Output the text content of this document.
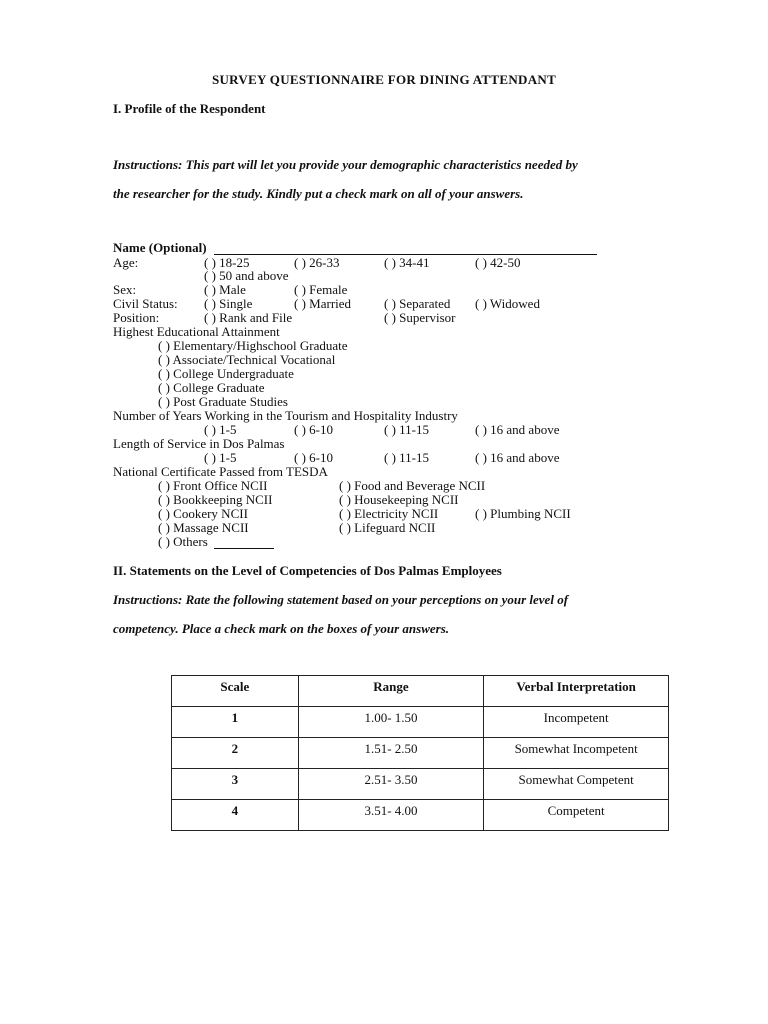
SURVEY QUESTIONNAIRE FOR DINING ATTENDANT
I. Profile of the Respondent
Instructions: This part will let you provide your demographic characteristics needed by
the researcher for the study. Kindly put a check mark on all of your answers.
Name (Optional)
Age:	( ) 18-25	( ) 26-33	( ) 34-41	( ) 42-50
( ) 50 and above
Sex:	( ) Male	( ) Female
Civil Status: ( ) Single	( ) Married	( ) Separated ( ) Widowed
Position:	( ) Rank and File	( ) Supervisor
Highest Educational Attainment
( ) Elementary/Highschool Graduate
( ) Associate/Technical Vocational
( ) College Undergraduate
( ) College Graduate
( ) Post Graduate Studies
Number of Years Working in the Tourism and Hospitality Industry
( ) 1-5	( ) 6-10	( ) 11-15	( ) 16 and above
Length of Service in Dos Palmas
( ) 1-5	( ) 6-10	( ) 11-15	( ) 16 and above
National Certificate Passed from TESDA
( ) Front Office NCII	( ) Food and Beverage NCII
( ) Bookkeeping NCII	( ) Housekeeping NCII
( ) Cookery NCII	( ) Electricity NCII	( ) Plumbing NCII
( ) Massage NCII	( ) Lifeguard NCII
( ) Others
II. Statements on the Level of Competencies of Dos Palmas Employees
Instructions: Rate the following statement based on your perceptions on your level of
competency. Place a check mark on the boxes of your answers.
Scale	Range	Verbal Interpretation
1	1.00- 1.50	Incompetent
2	1.51- 2.50	Somewhat Incompetent
3	2.51- 3.50	Somewhat Competent
4	3.51- 4.00	Competent
